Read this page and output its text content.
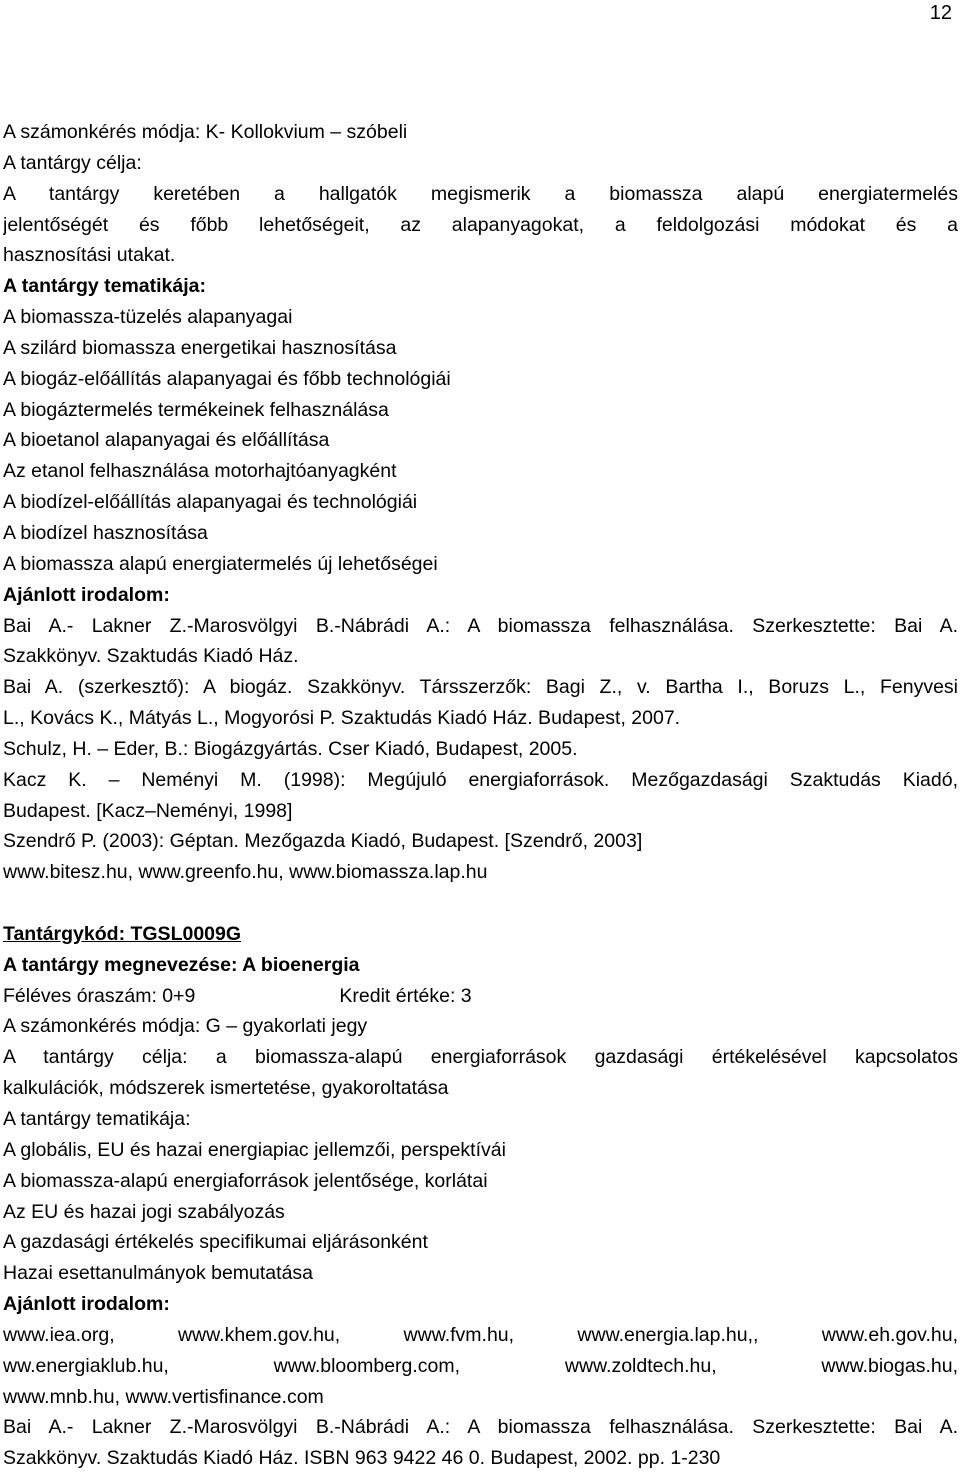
12
A számonkérés módja: K- Kollokvium – szóbeli
A tantárgy célja:
A tantárgy keretében a hallgatók megismerik a biomassza alapú energiatermelés
jelentőségét és főbb lehetőségeit, az alapanyagokat, a feldolgozási módokat és a
hasznosítási utakat.
A tantárgy tematikája:
A biomassza-tüzelés alapanyagai
A szilárd biomassza energetikai hasznosítása
A biogáz-előállítás alapanyagai és főbb technológiái
A biogáztermelés termékeinek felhasználása
A bioetanol alapanyagai és előállítása
Az etanol felhasználása motorhajtóanyagként
A biodízel-előállítás alapanyagai és technológiái
A biodízel hasznosítása
A biomassza alapú energiatermelés új lehetőségei
Ajánlott irodalom:
Bai A.- Lakner Z.-Marosvölgyi B.-Nábrádi A.: A biomassza felhasználása. Szerkesztette: Bai A.
Szakkönyv. Szaktudás Kiadó Ház.
Bai A. (szerkesztő): A biogáz. Szakkönyv. Társszerzők: Bagi Z., v. Bartha I., Boruzs L., Fenyvesi
L., Kovács K., Mátyás L., Mogyorósi P. Szaktudás Kiadó Ház. Budapest, 2007.
Schulz, H. – Eder, B.: Biogázgyártás. Cser Kiadó, Budapest, 2005.
Kacz K. – Neményi M. (1998): Megújuló energiaforrások. Mezőgazdasági Szaktudás Kiadó,
Budapest. [Kacz–Neményi, 1998]
Szendrő P. (2003): Géptan. Mezőgazda Kiadó, Budapest. [Szendrő, 2003]
www.bitesz.hu, www.greenfo.hu, www.biomassza.lap.hu
Tantárgykód: TGSL0009G
A tantárgy megnevezése: A bioenergia
Féléves óraszám: 0+9	Kredit értéke: 3
A számonkérés módja: G – gyakorlati jegy
A tantárgy célja: a biomassza-alapú energiaforrások gazdasági értékelésével kapcsolatos
kalkulációk, módszerek ismertetése, gyakoroltatása
A tantárgy tematikája:
A globális, EU és hazai energiapiac jellemzői, perspektívái
A biomassza-alapú energiaforrások jelentősége, korlátai
Az EU és hazai jogi szabályozás
A gazdasági értékelés specifikumai eljárásonként
Hazai esettanulmányok bemutatása
Ajánlott irodalom:
www.iea.org, www.khem.gov.hu, www.fvm.hu, www.energia.lap.hu,, www.eh.gov.hu,
ww.energiaklub.hu, www.bloomberg.com, www.zoldtech.hu, www.biogas.hu,
www.mnb.hu, www.vertisfinance.com
Bai A.- Lakner Z.-Marosvölgyi B.-Nábrádi A.: A biomassza felhasználása. Szerkesztette: Bai A.
Szakkönyv. Szaktudás Kiadó Ház. ISBN 963 9422 46 0. Budapest, 2002. pp. 1-230
